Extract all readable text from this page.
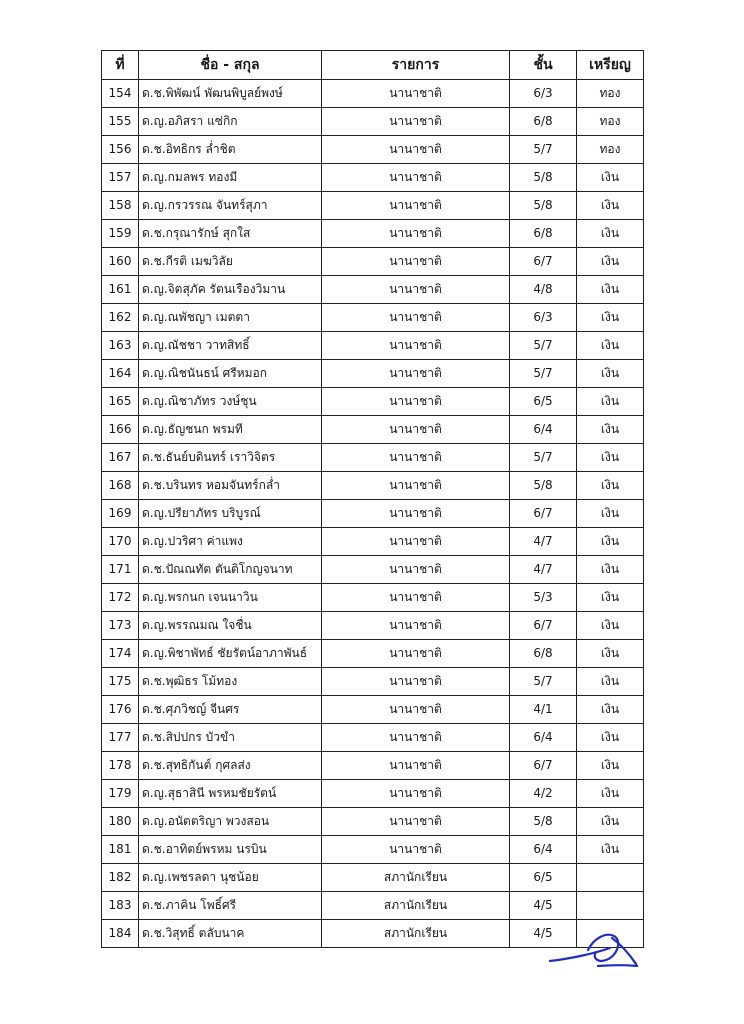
ที่	ชื่อ - สกุล	รายการ	ชั้น	เหรียญ
154	ด.ช.พิพัฒน์ พัฒนพิบูลย์พงษ์	นานาชาติ	6/3	ทอง
155	ด.ญ.อภิสรา แซ่กิก	นานาชาติ	6/8	ทอง
156	ด.ช.อิทธิกร ล่ำชิต	นานาชาติ	5/7	ทอง
157	ด.ญ.กมลพร ทองมี	นานาชาติ	5/8	เงิน
158	ด.ญ.กรวรรณ จันทร์สุภา	นานาชาติ	5/8	เงิน
159	ด.ช.กรุณารักษ์ สุกใส	นานาชาติ	6/8	เงิน
160	ด.ช.กีรติ เมฆวิลัย	นานาชาติ	6/7	เงิน
161	ด.ญ.จิตสุภัค รัตนเรืองวิมาน	นานาชาติ	4/8	เงิน
162	ด.ญ.ณพัชญา เมตตา	นานาชาติ	6/3	เงิน
163	ด.ญ.ณัชชา วาทสิทธิ์	นานาชาติ	5/7	เงิน
164	ด.ญ.ณิชนันธน์ ศรีหมอก	นานาชาติ	5/7	เงิน
165	ด.ญ.ณิชาภัทร วงษ์ชุน	นานาชาติ	6/5	เงิน
166	ด.ญ.ธัญชนก พรมที	นานาชาติ	6/4	เงิน
167	ด.ช.ธันย์บดินทร์ เราวิจิตร	นานาชาติ	5/7	เงิน
168	ด.ช.บรินทร หอมจันทร์กล่ำ	นานาชาติ	5/8	เงิน
169	ด.ญ.ปรียาภัทร บริบูรณ์	นานาชาติ	6/7	เงิน
170	ด.ญ.ปวริศา ค่าแพง	นานาชาติ	4/7	เงิน
171	ด.ช.ปัณณทัต ตันติโกญจนาท	นานาชาติ	4/7	เงิน
172	ด.ญ.พรกนก เจนนาวิน	นานาชาติ	5/3	เงิน
173	ด.ญ.พรรณมณ ใจชื่น	นานาชาติ	6/7	เงิน
174	ด.ญ.พิชาพัทธ์ ชัยรัตน์อาภาพันธ์	นานาชาติ	6/8	เงิน
175	ด.ช.พุฒิธร โม้ทอง	นานาชาติ	5/7	เงิน
176	ด.ช.ศุภวิชญ์ จีนศร	นานาชาติ	4/1	เงิน
177	ด.ช.สิปปกร บัวขำ	นานาชาติ	6/4	เงิน
178	ด.ช.สุทธิกันต์ กุศลส่ง	นานาชาติ	6/7	เงิน
179	ด.ญ.สุธาสินี พรหมชัยรัตน์	นานาชาติ	4/2	เงิน
180	ด.ญ.อนัตตริญา พวงสอน	นานาชาติ	5/8	เงิน
181	ด.ช.อาทิตย์พรหม นรบิน	นานาชาติ	6/4	เงิน
182	ด.ญ.เพชรลดา นุชน้อย	สภานักเรียน	6/5	
183	ด.ช.ภาคิน โพธิ์ศรี	สภานักเรียน	4/5	
184	ด.ช.วิสุทธิ์ ตลับนาค	สภานักเรียน	4/5	
